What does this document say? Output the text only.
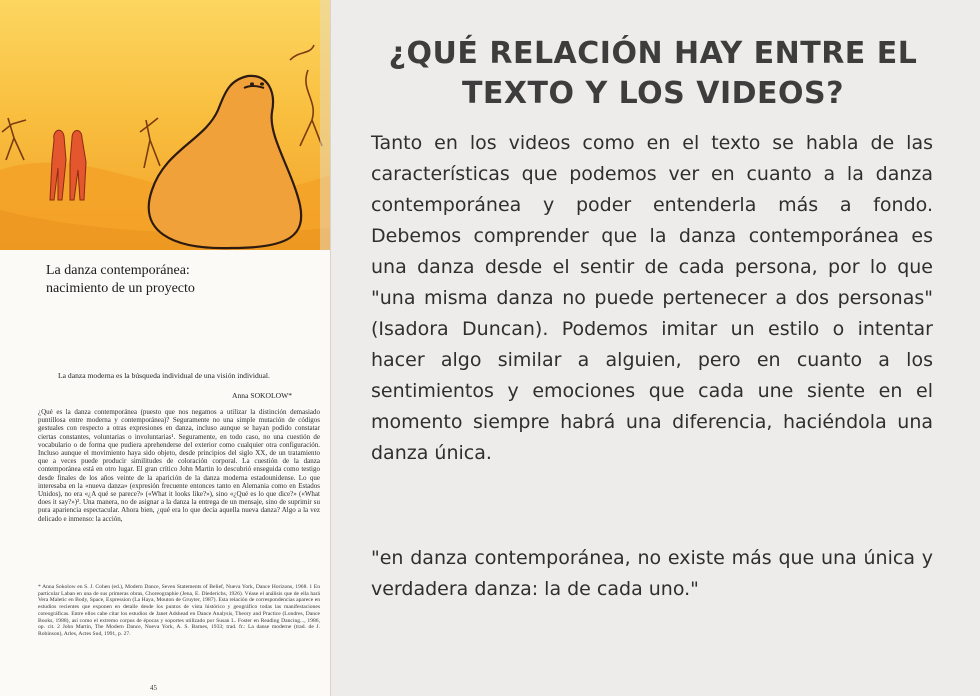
La danza contemporánea:
nacimiento de un proyecto
La danza moderna es la búsqueda individual de una visión individual.
Anna SOKOLOW*
¿Qué es la danza contemporánea (puesto que nos negamos a utilizar la distinción demasiado puntillosa entre moderna y contemporánea)? Seguramente no una simple mutación de códigos gestuales con respecto a otras expresiones en danza, incluso aunque se hayan podido constatar ciertas constantes, voluntarias o involuntarias¹. Seguramente, en todo caso, no una cuestión de vocabulario o de forma que pudiera aprehenderse del exterior como cualquier otra configuración. Incluso aunque el movimiento haya sido objeto, desde principios del siglo XX, de un tratamiento que a veces puede producir similitudes de coloración corporal. La cuestión de la danza contemporánea está en otro lugar. El gran crítico John Martin lo descubrió enseguida como testigo desde finales de los años veinte de la aparición de la danza moderna estadounidense. Lo que interesaba en la «nueva danza» (expresión frecuente entonces tanto en Alemania como en Estados Unidos), no era «¿A qué se parece?» («What it looks like?»), sino «¿Qué es lo que dice?» («What does it say?»)². Una manera, no de asignar a la danza la entrega de un mensaje, sino de suprimir su pura apariencia espectacular. Ahora bien, ¿qué era lo que decía aquella nueva danza? Algo a la vez delicado e inmenso: la acción,
* Anna Sokolow en S. J. Cohen (ed.), Modern Dance, Seven Statements of Belief, Nueva York, Dance Horizons, 1968. 1 En particular Laban en una de sus primeras obras, Choreographie (Jena, E. Diederichs, 1926). Véase el análisis que de ella hará Vera Maletic en Body, Space, Expression (La Haya, Mouton de Gruyter, 1987). Esta relación de correspondencias aparece en estudios recientes que exponen en detalle desde los puntos de vista histórico y geográfico todas las manifestaciones coreográficas. Entre ellos cabe citar los estudios de Janet Adshead en Dance Analysis, Theory and Practice (Londres, Dance Books, 1988), así como el extremo corpus de épocas y soportes utilizado por Susan L. Foster en Reading Dancing..., 1986, op. cit. 2 John Martin, The Modern Dance, Nueva York, A. S. Barnes, 1933; trad. fr.: La danse moderne (trad. de J. Robinson), Arles, Actes Sud, 1991, p. 27.
45
¿QUÉ RELACIÓN HAY ENTRE EL TEXTO Y LOS VIDEOS?

Tanto en los videos como en el texto se habla de las características que podemos ver en cuanto a la danza contemporánea y poder entenderla más a fondo. Debemos comprender que la danza contemporánea es una danza desde el sentir de cada persona, por lo que "una misma danza no puede pertenecer a dos personas" (Isadora Duncan). Podemos imitar un estilo o intentar hacer algo similar a alguien, pero en cuanto a los sentimientos y emociones que cada une siente en el momento siempre habrá una diferencia, haciéndola una danza única.

"en danza contemporánea, no existe más que una única y verdadera danza: la de cada uno."
